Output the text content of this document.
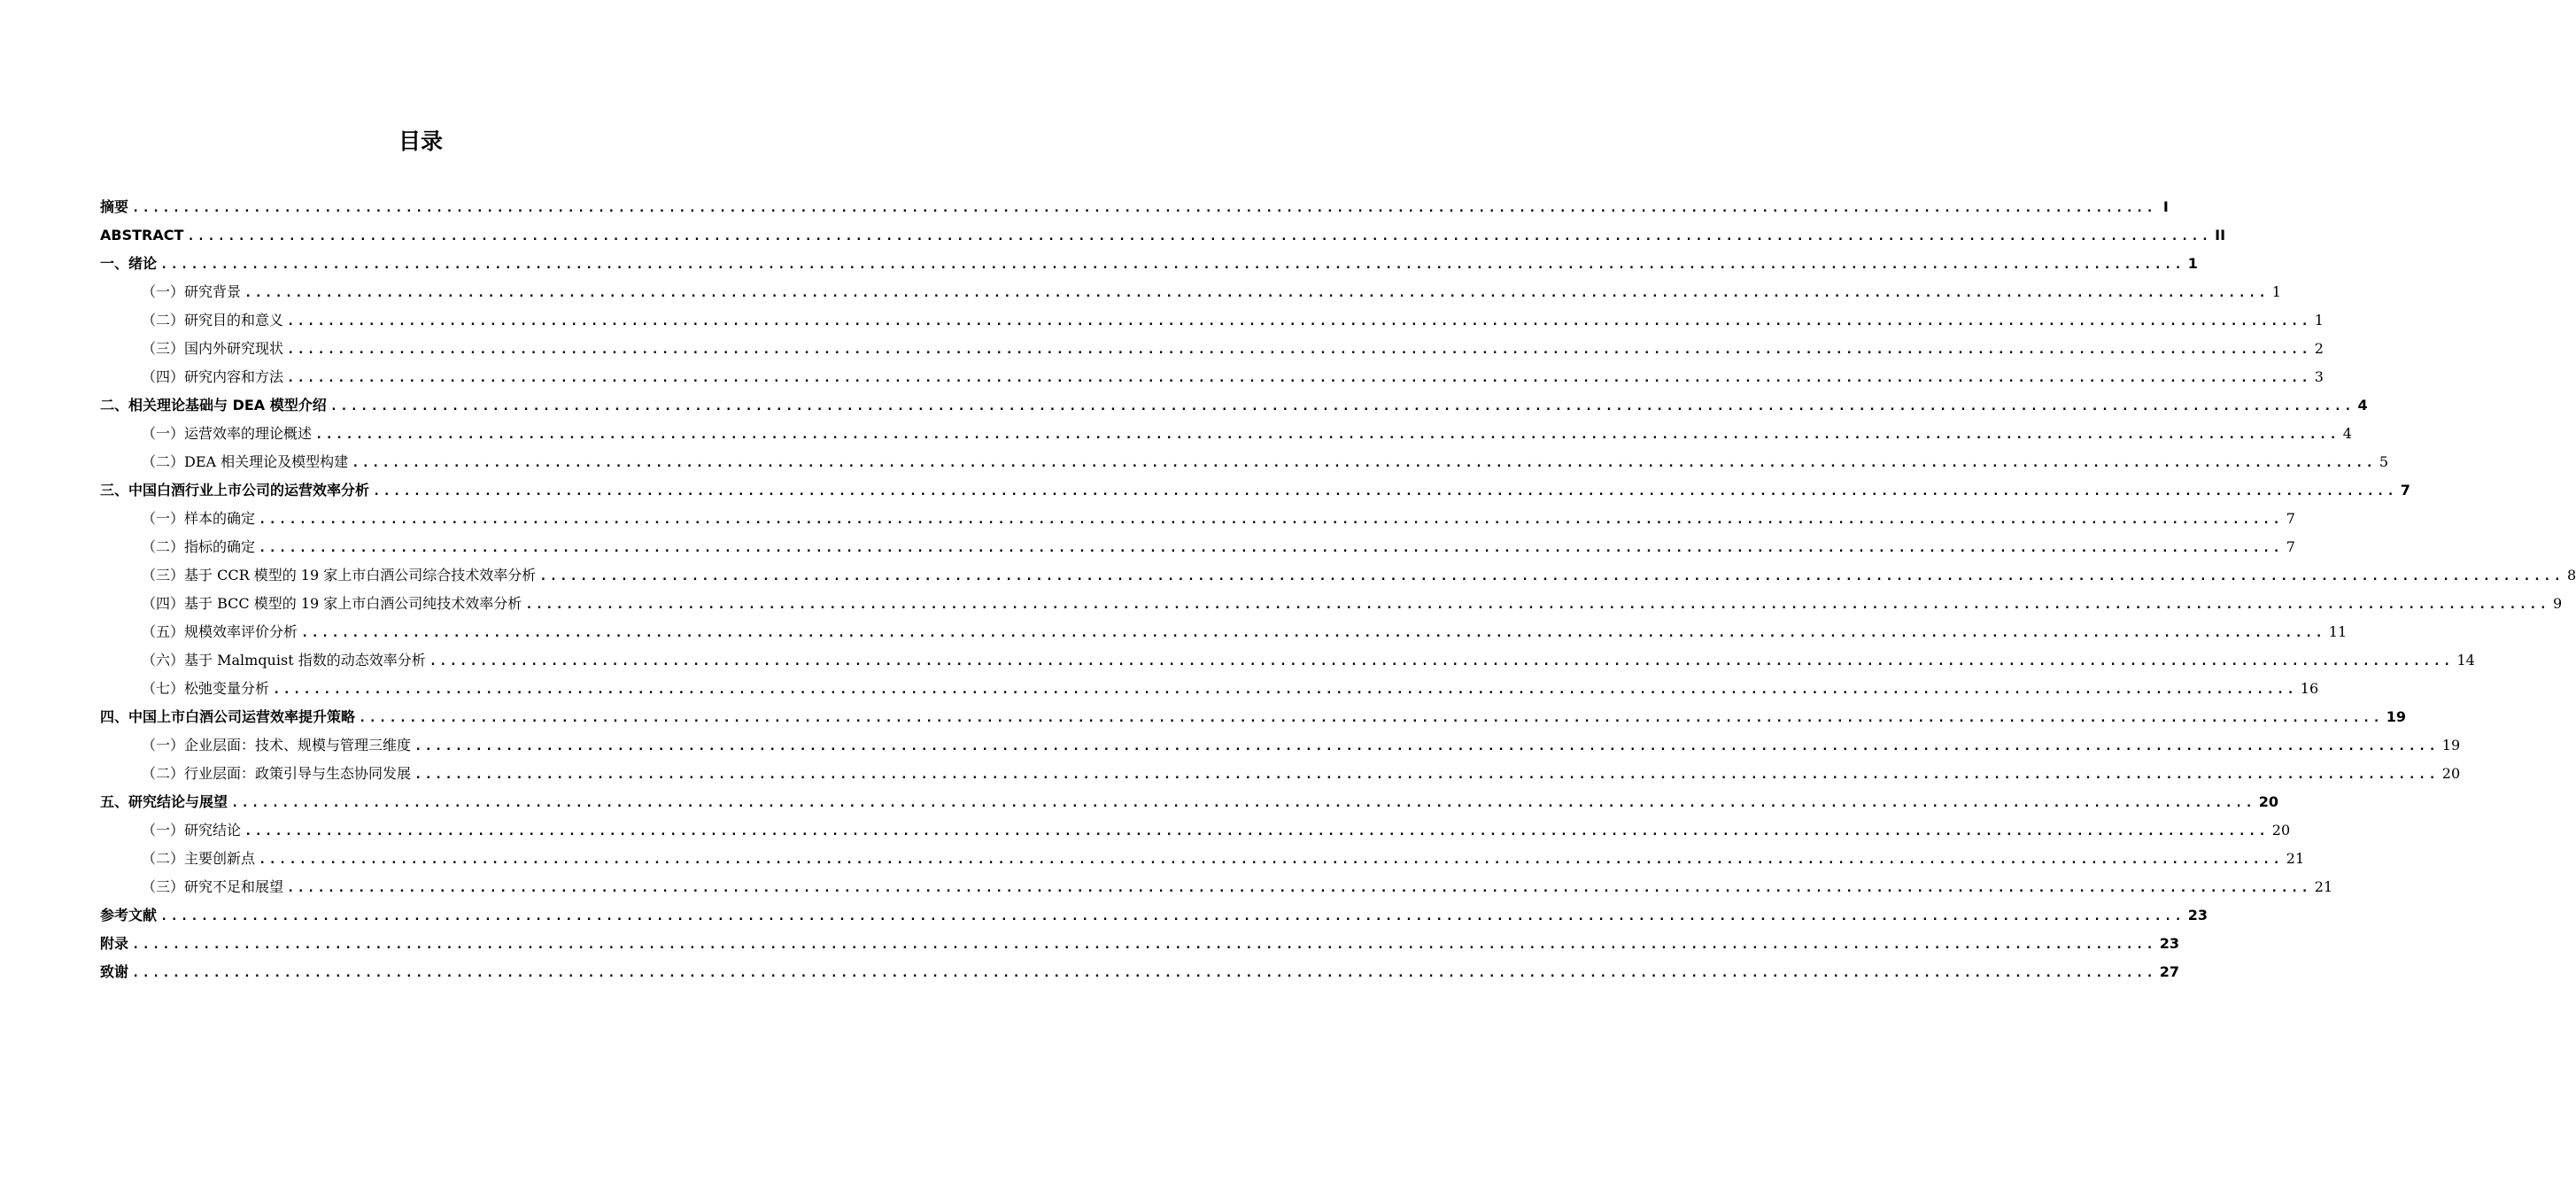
目录
摘要 ........................................................................................................................................................................................................ I
ABSTRACT ........................................................................................................................................................................................................ II
一、 绪论 ........................................................................................................................................................................................................ 1
（一） 研究背景 ........................................................................................................................................................................................................ 1
（二） 研究目的和意义 ........................................................................................................................................................................................................ 1
（三） 国内外研究现状 ........................................................................................................................................................................................................ 2
（四） 研究内容和方法 ........................................................................................................................................................................................................ 3
二、 相关理论基础与 DEA 模型介绍 ........................................................................................................................................................................................................ 4
（一） 运营效率的理论概述 ........................................................................................................................................................................................................ 4
（二） DEA 相关理论及模型构建 ........................................................................................................................................................................................................ 5
三、 中国白酒行业上市公司的运营效率分析 ........................................................................................................................................................................................................ 7
（一） 样本的确定 ........................................................................................................................................................................................................ 7
（二） 指标的确定 ........................................................................................................................................................................................................ 7
（三） 基于 CCR 模型的 19 家上市白酒公司综合技术效率分析 ........................................................................................................................................................................................................ 8
（四） 基于 BCC 模型的 19 家上市白酒公司纯技术效率分析 ........................................................................................................................................................................................................ 9
（五） 规模效率评价分析 ........................................................................................................................................................................................................ 11
（六） 基于 Malmquist 指数的动态效率分析 ........................................................................................................................................................................................................ 14
（七） 松弛变量分析 ........................................................................................................................................................................................................ 16
四、 中国上市白酒公司运营效率提升策略 ........................................................................................................................................................................................................ 19
（一） 企业层面：技术、规模与管理三维度 ........................................................................................................................................................................................................ 19
（二） 行业层面：政策引导与生态协同发展 ........................................................................................................................................................................................................ 20
五、 研究结论与展望 ........................................................................................................................................................................................................ 20
（一） 研究结论 ........................................................................................................................................................................................................ 20
（二） 主要创新点 ........................................................................................................................................................................................................ 21
（三） 研究不足和展望 ........................................................................................................................................................................................................ 21
参考文献 ........................................................................................................................................................................................................ 23
附录 ........................................................................................................................................................................................................ 23
致谢 ........................................................................................................................................................................................................ 27
